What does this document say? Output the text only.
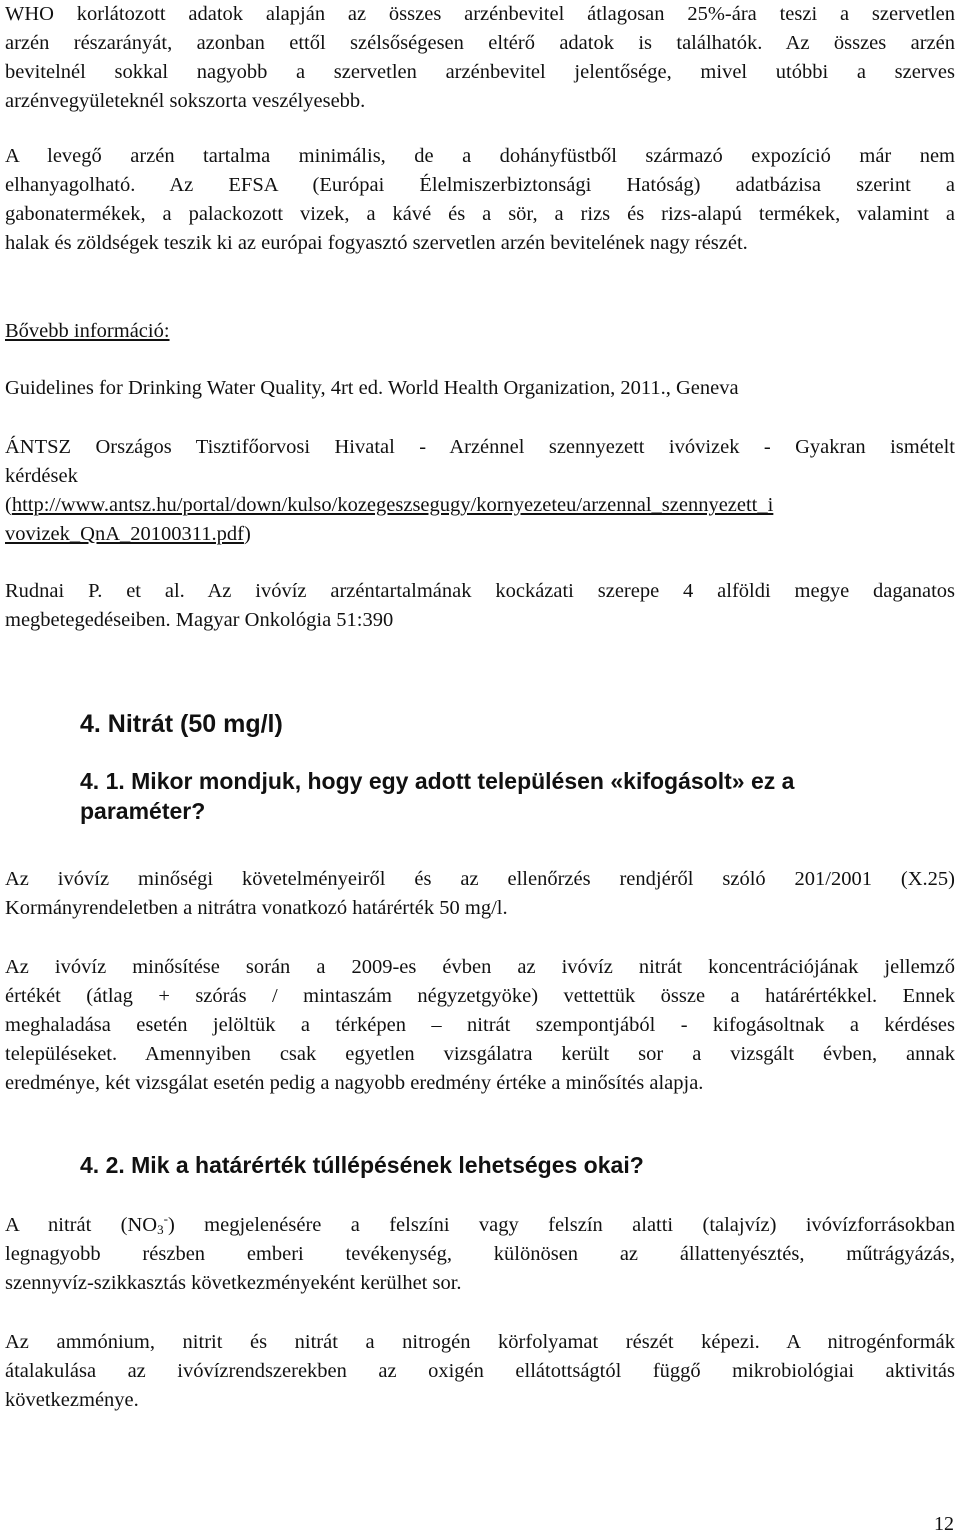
WHO korlátozott adatok alapján az összes arzénbevitel átlagosan 25%-ára teszi a szervetlen
arzén részarányát, azonban ettől szélsőségesen eltérő adatok is találhatók. Az összes arzén
bevitelnél sokkal nagyobb a szervetlen arzénbevitel jelentősége, mivel utóbbi a szerves
arzénvegyületeknél sokszorta veszélyesebb.
A levegő arzén tartalma minimális, de a dohányfüstből származó expozíció már nem
elhanyagolható. Az EFSA (Európai Élelmiszerbiztonsági Hatóság) adatbázisa szerint a
gabonatermékek, a palackozott vizek, a kávé és a sör, a rizs és rizs-alapú termékek, valamint a
halak és zöldségek teszik ki az európai fogyasztó szervetlen arzén bevitelének nagy részét.
Bővebb információ:
Guidelines for Drinking Water Quality, 4rt ed. World Health Organization, 2011., Geneva
ÁNTSZ Országos Tisztifőorvosi Hivatal - Arzénnel szennyezett ivóvizek - Gyakran ismételt
kérdések
(http://www.antsz.hu/portal/down/kulso/kozegeszsegugy/kornyezeteu/arzennal_szennyezett_i
vovizek_QnA_20100311.pdf)
Rudnai P. et al. Az ivóvíz arzéntartalmának kockázati szerepe 4 alföldi megye daganatos
megbetegedéseiben. Magyar Onkológia 51:390
4. Nitrát (50 mg/l)
4. 1. Mikor mondjuk, hogy egy adott településen «kifogásolt» ez a
paraméter?
Az ivóvíz minőségi követelményeiről és az ellenőrzés rendjéről szóló 201/2001 (X.25)
Kormányrendeletben a nitrátra vonatkozó határérték 50 mg/l.
Az ivóvíz minősítése során a 2009-es évben az ivóvíz nitrát koncentrációjának jellemző
értékét (átlag + szórás / mintaszám négyzetgyöke) vettettük össze a határértékkel. Ennek
meghaladása esetén jelöltük a térképen – nitrát szempontjából - kifogásoltnak a kérdéses
településeket. Amennyiben csak egyetlen vizsgálatra került sor a vizsgált évben, annak
eredménye, két vizsgálat esetén pedig a nagyobb eredmény értéke a minősítés alapja.
4. 2. Mik a határérték túllépésének lehetséges okai?
A nitrát $(NO_3^-)$ megjelenésére a felszíni vagy felszín alatti (talajvíz) ivóvízforrásokban
legnagyobb részben emberi tevékenység, különösen az állattenyésztés, műtrágyázás,
szennyvíz-szikkasztás következményeként kerülhet sor.
Az ammónium, nitrit és nitrát a nitrogén körfolyamat részét képezi. A nitrogénformák
átalakulása az ivóvízrendszerekben az oxigén ellátottságtól függő mikrobiológiai aktivitás
következménye.
12
